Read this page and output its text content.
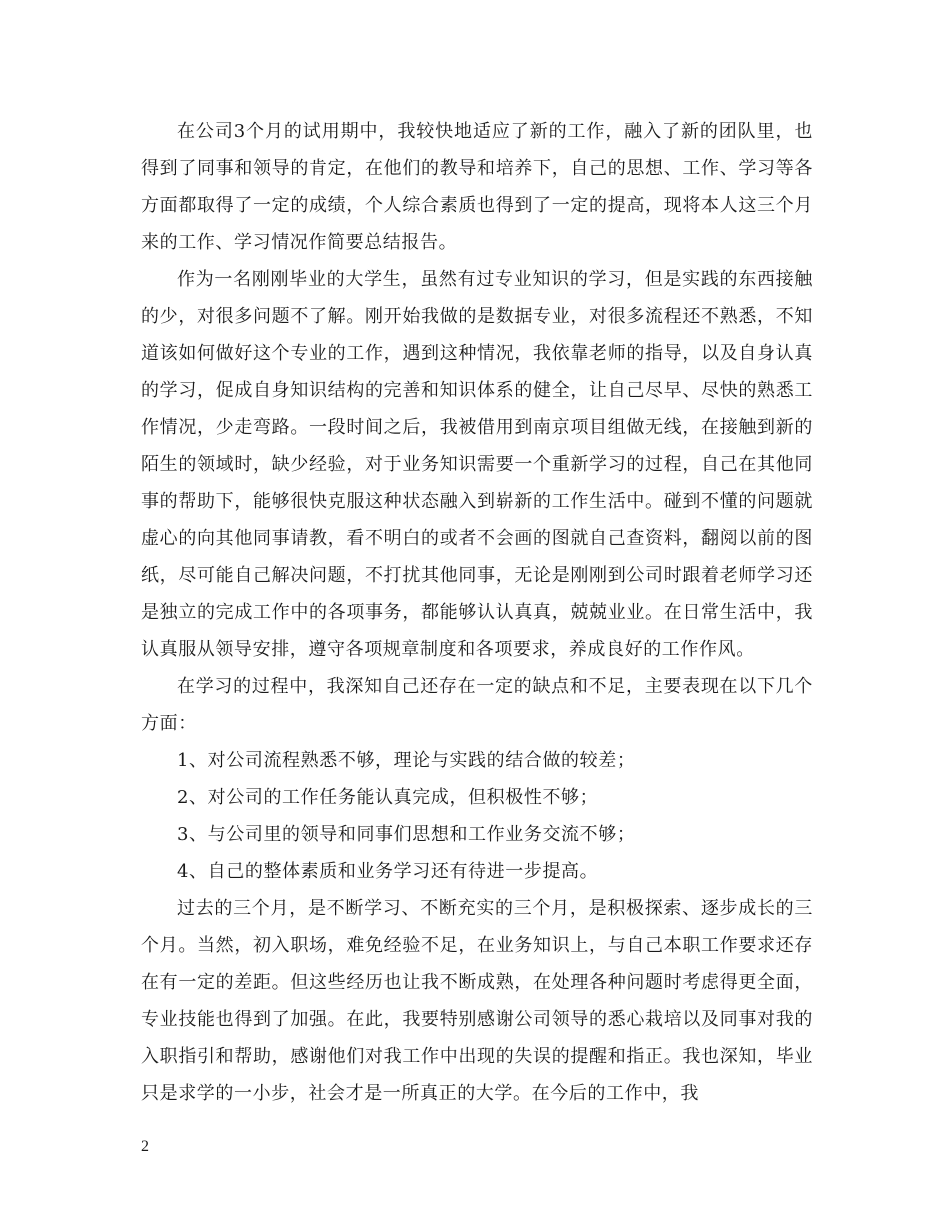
在公司3个月的试用期中，我较快地适应了新的工作，融入了新的团队里，也得到了同事和领导的肯定，在他们的教导和培养下，自己的思想、工作、学习等各方面都取得了一定的成绩，个人综合素质也得到了一定的提高，现将本人这三个月来的工作、学习情况作简要总结报告。

作为一名刚刚毕业的大学生，虽然有过专业知识的学习，但是实践的东西接触的少，对很多问题不了解。刚开始我做的是数据专业，对很多流程还不熟悉，不知道该如何做好这个专业的工作，遇到这种情况，我依靠老师的指导，以及自身认真的学习，促成自身知识结构的完善和知识体系的健全，让自己尽早、尽快的熟悉工作情况，少走弯路。一段时间之后，我被借用到南京项目组做无线，在接触到新的陌生的领域时，缺少经验，对于业务知识需要一个重新学习的过程，自己在其他同事的帮助下，能够很快克服这种状态融入到崭新的工作生活中。碰到不懂的问题就虚心的向其他同事请教，看不明白的或者不会画的图就自己查资料，翻阅以前的图纸，尽可能自己解决问题，不打扰其他同事，无论是刚刚到公司时跟着老师学习还是独立的完成工作中的各项事务，都能够认认真真，兢兢业业。在日常生活中，我认真服从领导安排，遵守各项规章制度和各项要求，养成良好的工作作风。

在学习的过程中，我深知自己还存在一定的缺点和不足，主要表现在以下几个方面：

1、对公司流程熟悉不够，理论与实践的结合做的较差；

2、对公司的工作任务能认真完成，但积极性不够；

3、与公司里的领导和同事们思想和工作业务交流不够；

4、自己的整体素质和业务学习还有待进一步提高。

过去的三个月，是不断学习、不断充实的三个月，是积极探索、逐步成长的三个月。当然，初入职场，难免经验不足，在业务知识上，与自己本职工作要求还存在有一定的差距。但这些经历也让我不断成熟，在处理各种问题时考虑得更全面，专业技能也得到了加强。在此，我要特别感谢公司领导的悉心栽培以及同事对我的入职指引和帮助，感谢他们对我工作中出现的失误的提醒和指正。我也深知，毕业只是求学的一小步，社会才是一所真正的大学。在今后的工作中，我

2
